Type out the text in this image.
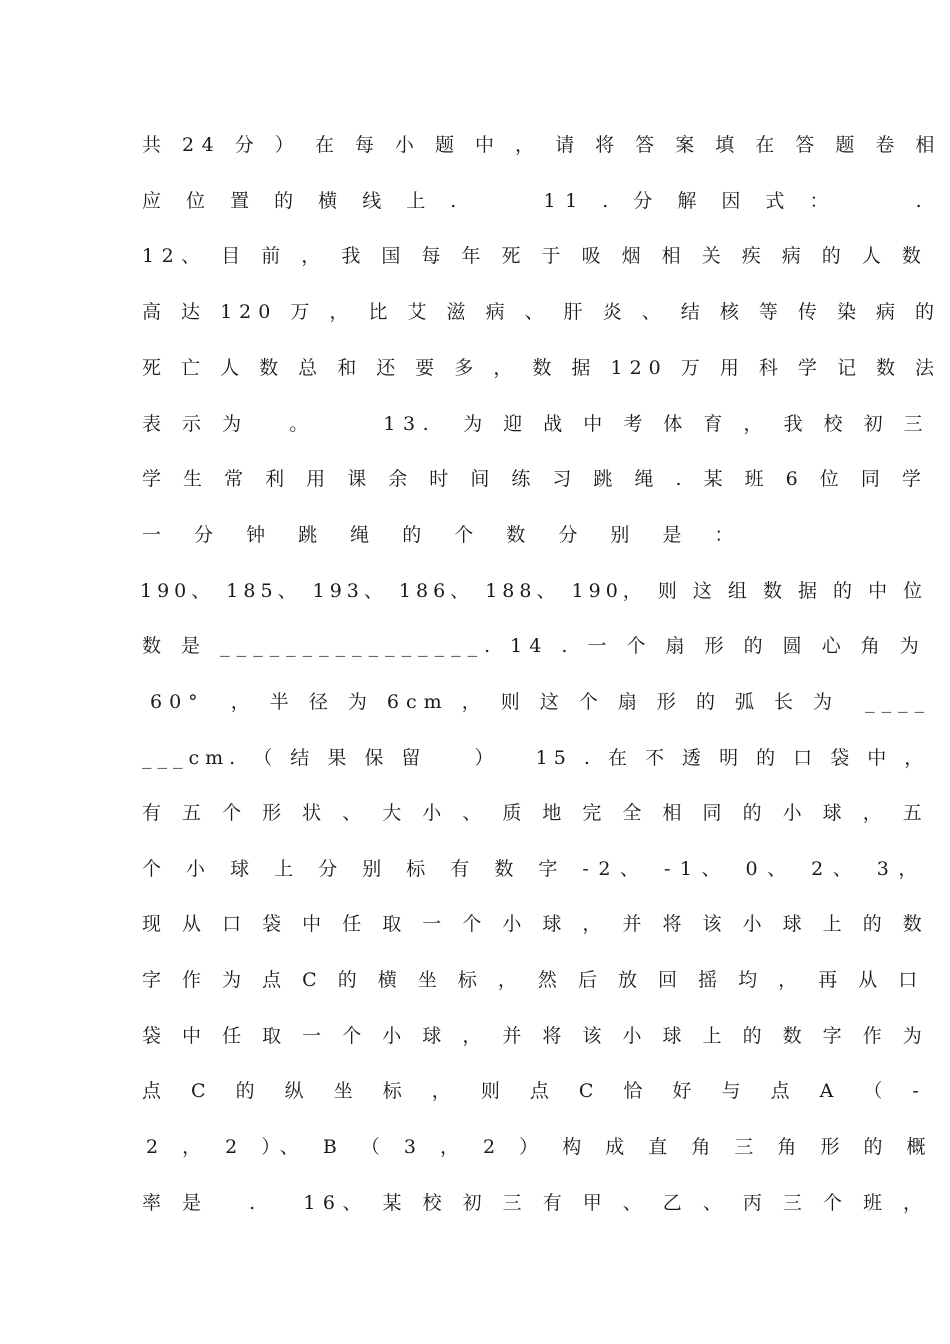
共 24 分 ） 在 每 小 题 中 ， 请 将 答 案 填 在 答 题 卷 相
应 位 置 的 横 线 上 .     11 . 分 解 因 式 ：     .
12、 目 前 ， 我 国 每 年 死 于 吸 烟 相 关 疾 病 的 人 数
高 达 120 万 ， 比 艾 滋 病 、 肝 炎 、 结 核 等 传 染 病 的
死 亡 人 数 总 和 还 要 多 ， 数 据 120 万 用 科 学 记 数 法
表 示 为   。     13.  为 迎 战 中 考 体 育 ， 我 校 初 三
学 生 常 利 用 课 余 时 间 练 习 跳 绳 . 某 班 6 位 同 学
一 分 钟 跳 绳 的 个 数 分 别 是 ：
190、 185、 193、 186、 188、 190， 则 这 组 数 据 的 中 位
数 是 ________________. 14 . 一 个 扇 形 的 圆 心 角 为
60°  ， 半 径 为 6cm ， 则 这 个 扇 形 的 弧 长 为  ____
___cm. （ 结 果 保 留    ）   15 . 在 不 透 明 的 口 袋 中 ，
有 五 个 形 状 、 大 小 、 质 地 完 全 相 同 的 小 球 ， 五
个 小 球 上 分 别 标 有 数 字 -2、 -1、 0、 2、 3，
现 从 口 袋 中 任 取 一 个 小 球 ， 并 将 该 小 球 上 的 数
字 作 为 点 C 的 横 坐 标 ， 然 后 放 回 摇 均 ， 再 从 口
袋 中 任 取 一 个 小 球 ， 并 将 该 小 球 上 的 数 字 作 为
点 C 的 纵 坐 标 ， 则 点 C 恰 好 与 点 A （ -
2 ， 2 ）、 B （ 3 ， 2 ） 构 成 直 角 三 角 形 的 概
率 是   .   16、 某 校 初 三 有 甲 、 乙 、 丙 三 个 班 ，
